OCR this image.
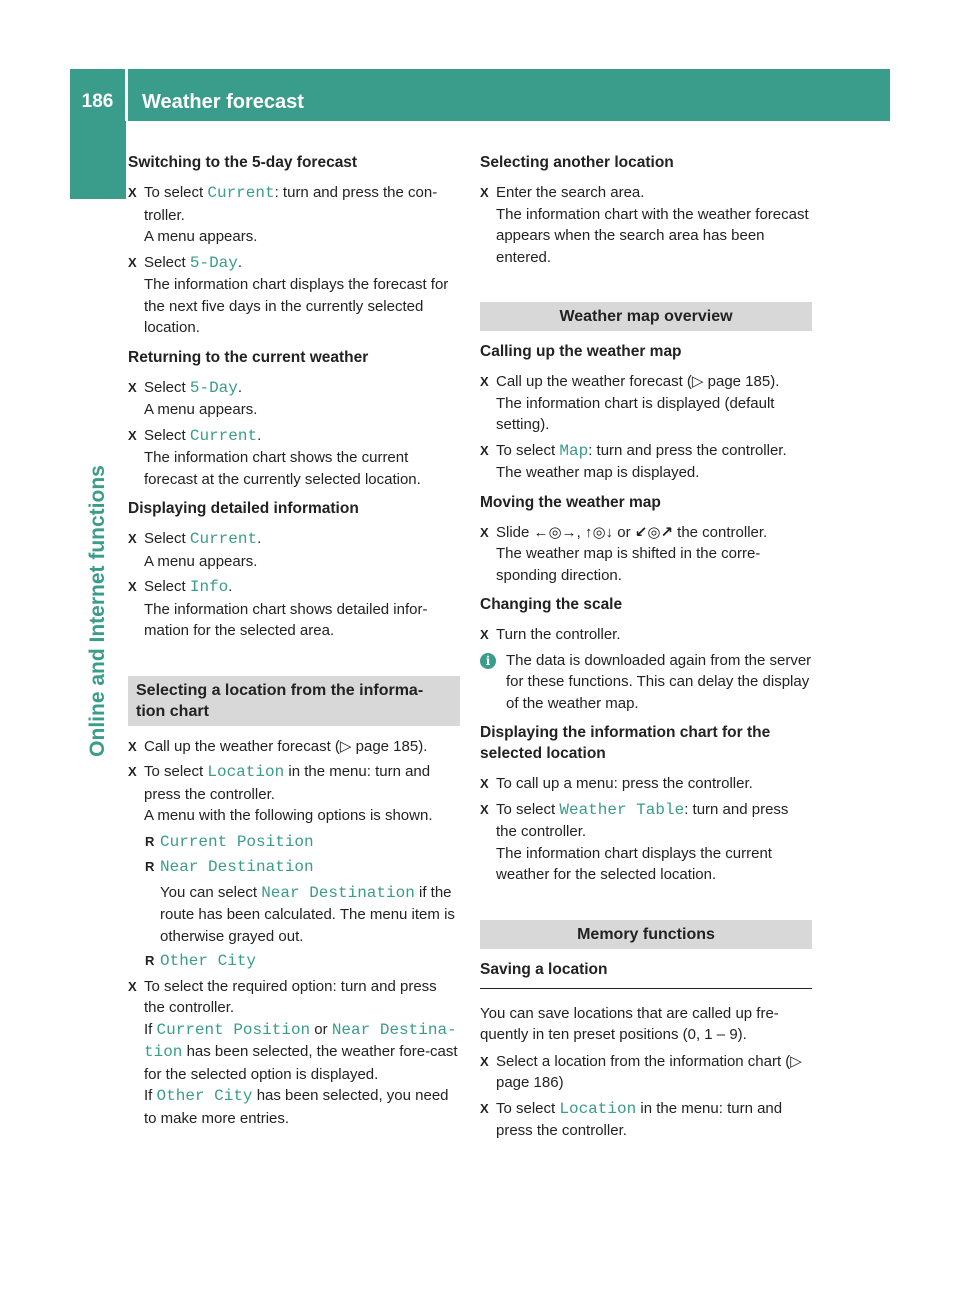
186	Weather forecast
Online and Internet functions
Switching to the 5-day forecast
X To select Current: turn and press the con-troller.
A menu appears.
X Select 5-Day.
The information chart displays the forecast for the next five days in the currently selected location.
Returning to the current weather
X Select 5-Day.
A menu appears.
X Select Current.
The information chart shows the current forecast at the currently selected location.
Displaying detailed information
X Select Current.
A menu appears.
X Select Info.
The information chart shows detailed infor-mation for the selected area.
Selecting a location from the informa-tion chart
X Call up the weather forecast (▷ page 185).
X To select Location in the menu: turn and press the controller.
A menu with the following options is shown.
R Current Position
R Near Destination
You can select Near Destination if the route has been calculated. The menu item is otherwise grayed out.
R Other City
X To select the required option: turn and press the controller.
If Current Position or Near Destina-tion has been selected, the weather fore-cast for the selected option is displayed.
If Other City has been selected, you need to make more entries.
Selecting another location
X Enter the search area.
The information chart with the weather forecast appears when the search area has been entered.
Weather map overview
Calling up the weather map
X Call up the weather forecast (▷ page 185).
The information chart is displayed (default setting).
X To select Map: turn and press the controller.
The weather map is displayed.
Moving the weather map
X Slide ←◎→, ↑◎↓ or ↙◎↗ the controller.
The weather map is shifted in the corre-sponding direction.
Changing the scale
X Turn the controller.
i	The data is downloaded again from the server for these functions. This can delay the display of the weather map.
Displaying the information chart for the selected location
X To call up a menu: press the controller.
X To select Weather Table: turn and press the controller.
The information chart displays the current weather for the selected location.
Memory functions
Saving a location
You can save locations that are called up fre-quently in ten preset positions (0, 1 – 9).
X Select a location from the information chart (▷ page 186)
X To select Location in the menu: turn and press the controller.
